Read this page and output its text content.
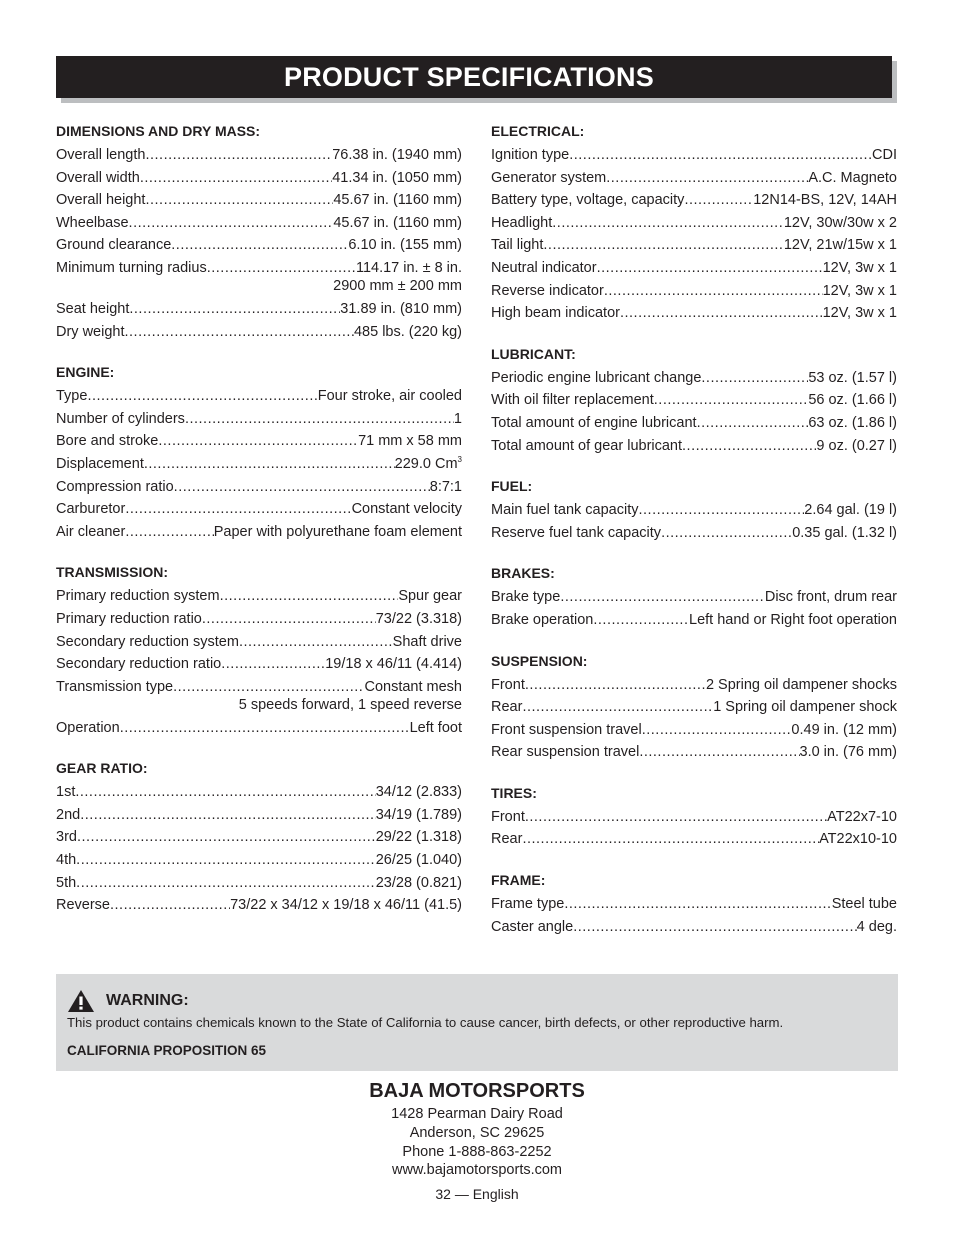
PRODUCT SPECIFICATIONS
DIMENSIONS AND DRY MASS:
Overall length .....	76.38 in. (1940 mm)
Overall width .....	41.34 in. (1050 mm)
Overall height .....	45.67 in. (1160 mm)
Wheelbase .....	45.67 in. (1160 mm)
Ground clearance .....	6.10 in. (155 mm)
Minimum turning radius .....	114.17 in. ± 8 in.
2900 mm ± 200 mm
Seat height .....	31.89 in. (810 mm)
Dry weight .....	485 lbs. (220 kg)
ENGINE:
Type .....	Four stroke, air cooled
Number of cylinders .....	1
Bore and stroke .....	71 mm x 58 mm
Displacement .....	229.0 Cm$^3$
Compression ratio .....	8:7:1
Carburetor .....	Constant velocity
Air cleaner .....	Paper with polyurethane foam element
TRANSMISSION:
Primary reduction system .....	Spur gear
Primary reduction ratio .....	73/22 (3.318)
Secondary reduction system .....	Shaft drive
Secondary reduction ratio .....	19/18 x 46/11 (4.414)
Transmission type .....	Constant mesh
5 speeds forward, 1 speed reverse
Operation .....	Left foot
GEAR RATIO:
1st .....	34/12 (2.833)
2nd .....	34/19 (1.789)
3rd .....	29/22 (1.318)
4th .....	26/25 (1.040)
5th .....	23/28 (0.821)
Reverse .....	73/22 x 34/12 x 19/18 x 46/11 (41.5)
ELECTRICAL:
Ignition type .....	CDI
Generator system .....	A.C. Magneto
Battery type, voltage, capacity .....	12N14-BS, 12V, 14AH
Headlight .....	12V, 30w/30w x 2
Tail light .....	12V, 21w/15w x 1
Neutral indicator .....	12V, 3w x 1
Reverse indicator .....	12V, 3w x 1
High beam indicator .....	12V, 3w x 1
LUBRICANT:
Periodic engine lubricant change .....	53 oz. (1.57 l)
With oil filter replacement .....	56 oz. (1.66 l)
Total amount of engine lubricant .....	63 oz. (1.86 l)
Total amount of gear lubricant .....	9 oz. (0.27 l)
FUEL:
Main fuel tank capacity .....	2.64 gal. (19 l)
Reserve fuel tank capacity .....	0.35 gal. (1.32 l)
BRAKES:
Brake type .....	Disc front, drum rear
Brake operation .....	Left hand or Right foot operation
SUSPENSION:
Front .....	2 Spring oil dampener shocks
Rear .....	1 Spring oil dampener shock
Front suspension travel .....	0.49 in. (12 mm)
Rear suspension travel .....	3.0 in. (76 mm)
TIRES:
Front .....	AT22x7-10
Rear .....	AT22x10-10
FRAME:
Frame type .....	Steel tube
Caster angle .....	4 deg.
WARNING:
This product contains chemicals known to the State of California to cause cancer, birth defects, or other reproductive harm.
CALIFORNIA PROPOSITION 65
BAJA MOTORSPORTS
1428 Pearman Dairy Road
Anderson, SC 29625
Phone 1-888-863-2252
www.bajamotorsports.com
32 — English
